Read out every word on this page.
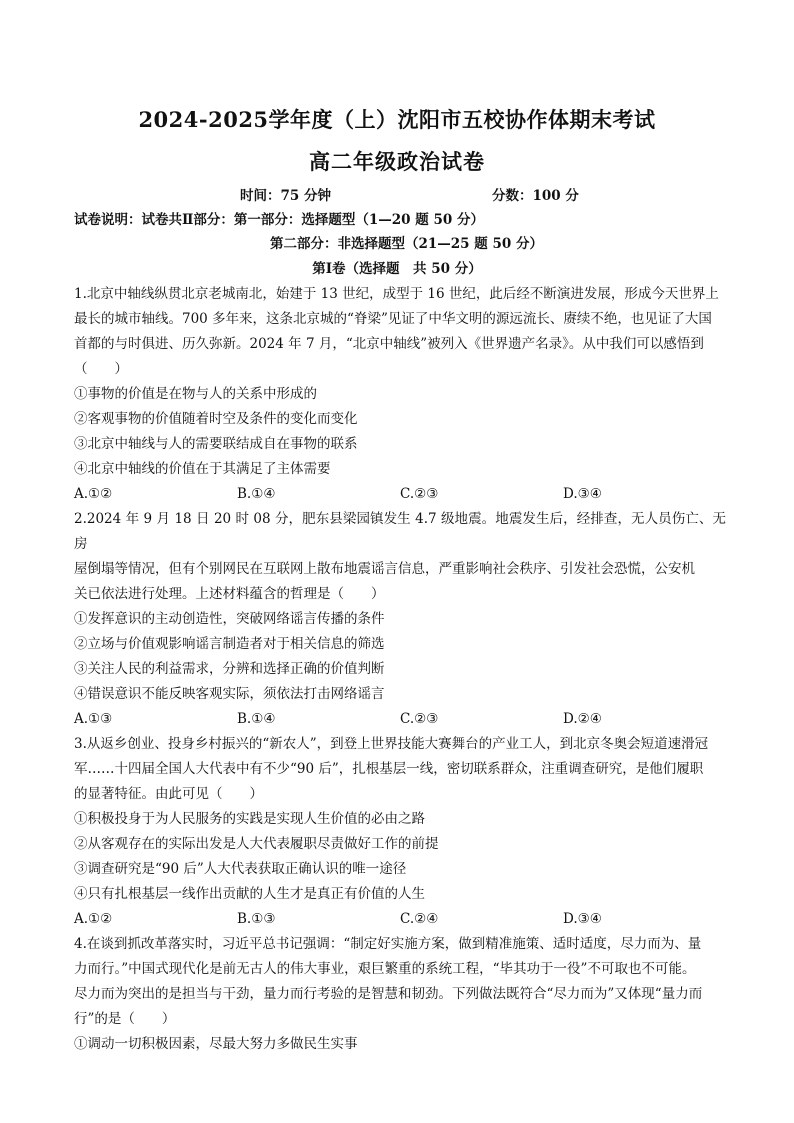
2024-2025学年度（上）沈阳市五校协作体期末考试
高二年级政治试卷
时间：75 分钟	分数：100 分
试卷说明：试卷共Ⅱ部分：第一部分：选择题型（1—20 题 50 分）
第二部分：非选择题型（21—25 题 50 分）
第Ⅰ卷（选择题　共 50 分）
1.北京中轴线纵贯北京老城南北，始建于 13 世纪，成型于 16 世纪，此后经不断演进发展，形成今天世界上
最长的城市轴线。700 多年来，这条北京城的“脊梁”见证了中华文明的源远流长、赓续不绝，也见证了大国
首都的与时俱进、历久弥新。2024 年 7 月，“北京中轴线”被列入《世界遗产名录》。从中我们可以感悟到
（　　）
①事物的价值是在物与人的关系中形成的
②客观事物的价值随着时空及条件的变化而变化
③北京中轴线与人的需要联结成自在事物的联系
④北京中轴线的价值在于其满足了主体需要
A.①②	B.①④	C.②③	D.③④
2.2024 年 9 月 18 日 20 时 08 分，肥东县梁园镇发生 4.7 级地震。地震发生后，经排查，无人员伤亡、无房
屋倒塌等情况，但有个别网民在互联网上散布地震谣言信息，严重影响社会秩序、引发社会恐慌，公安机
关已依法进行处理。上述材料蕴含的哲理是（　　）
①发挥意识的主动创造性，突破网络谣言传播的条件
②立场与价值观影响谣言制造者对于相关信息的筛选
③关注人民的利益需求，分辨和选择正确的价值判断
④错误意识不能反映客观实际，须依法打击网络谣言
A.①③	B.①④	C.②③	D.②④
3.从返乡创业、投身乡村振兴的“新农人”，到登上世界技能大赛舞台的产业工人，到北京冬奥会短道速滑冠
军……十四届全国人大代表中有不少“90 后”，扎根基层一线，密切联系群众，注重调查研究，是他们履职
的显著特征。由此可见（　　）
①积极投身于为人民服务的实践是实现人生价值的必由之路
②从客观存在的实际出发是人大代表履职尽责做好工作的前提
③调查研究是“90 后”人大代表获取正确认识的唯一途径
④只有扎根基层一线作出贡献的人生才是真正有价值的人生
A.①②	B.①③	C.②④	D.③④
4.在谈到抓改革落实时，习近平总书记强调：“制定好实施方案，做到精准施策、适时适度，尽力而为、量
力而行。”中国式现代化是前无古人的伟大事业，艰巨繁重的系统工程，“毕其功于一役”不可取也不可能。
尽力而为突出的是担当与干劲，量力而行考验的是智慧和韧劲。下列做法既符合“尽力而为”又体现“量力而
行”的是（　　）
①调动一切积极因素，尽最大努力多做民生实事
